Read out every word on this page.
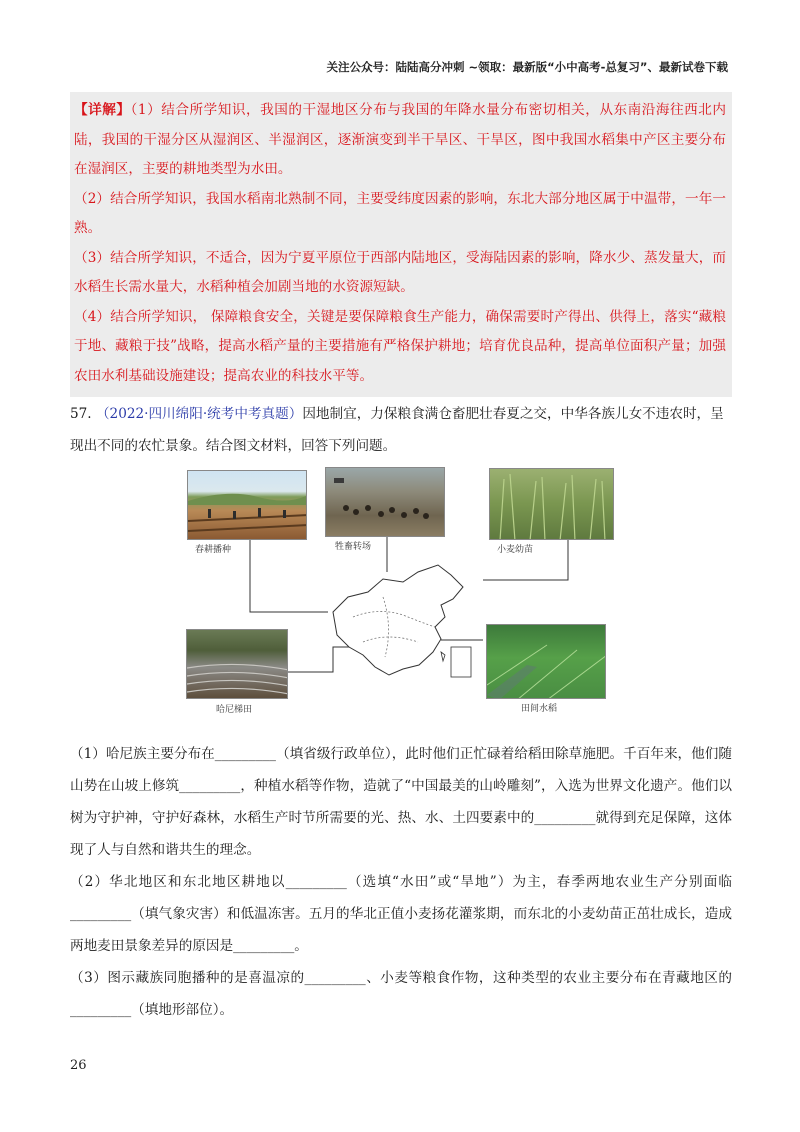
关注公众号：陆陆高分冲刺 ~领取：最新版“小中高考-总复习”、最新试卷下载

【详解】（1）结合所学知识，我国的干湿地区分布与我国的年降水量分布密切相关，从东南沿海往西北内陆，我国的干湿分区从湿润区、半湿润区，逐渐演变到半干旱区、干旱区，图中我国水稻集中产区主要分布在湿润区，主要的耕地类型为水田。

（2）结合所学知识，我国水稻南北熟制不同，主要受纬度因素的影响，东北大部分地区属于中温带，一年一熟。

（3）结合所学知识，不适合，因为宁夏平原位于西部内陆地区，受海陆因素的影响，降水少、蒸发量大，而水稻生长需水量大，水稻种植会加剧当地的水资源短缺。

（4）结合所学知识， 保障粮食安全，关键是要保障粮食生产能力，确保需要时产得出、供得上，落实“藏粮于地、藏粮于技”战略，提高水稻产量的主要措施有严格保护耕地；培育优良品种，提高单位面积产量；加强农田水利基础设施建设；提高农业的科技水平等。

57. （2022·四川绵阳·统考中考真题）因地制宜，力保粮食满仓畜肥壮春夏之交，中华各族儿女不违农时，呈现出不同的农忙景象。结合图文材料，回答下列问题。
春耕播种	牲畜转场	小麦幼苗
哈尼梯田	田间水稻

（1）哈尼族主要分布在_________（填省级行政单位），此时他们正忙碌着给稻田除草施肥。千百年来，他们随山势在山坡上修筑_________，种植水稻等作物，造就了“中国最美的山岭雕刻”，入选为世界文化遗产。他们以树为守护神，守护好森林，水稻生产时节所需要的光、热、水、土四要素中的_________就得到充足保障，这体现了人与自然和谐共生的理念。

（2）华北地区和东北地区耕地以_________（选填“水田”或“旱地”）为主，春季两地农业生产分别面临_________（填气象灾害）和低温冻害。五月的华北正值小麦扬花灌浆期，而东北的小麦幼苗正茁壮成长，造成两地麦田景象差异的原因是_________。

（3）图示藏族同胞播种的是喜温凉的_________、小麦等粮食作物，这种类型的农业主要分布在青藏地区的_________（填地形部位）。

26
